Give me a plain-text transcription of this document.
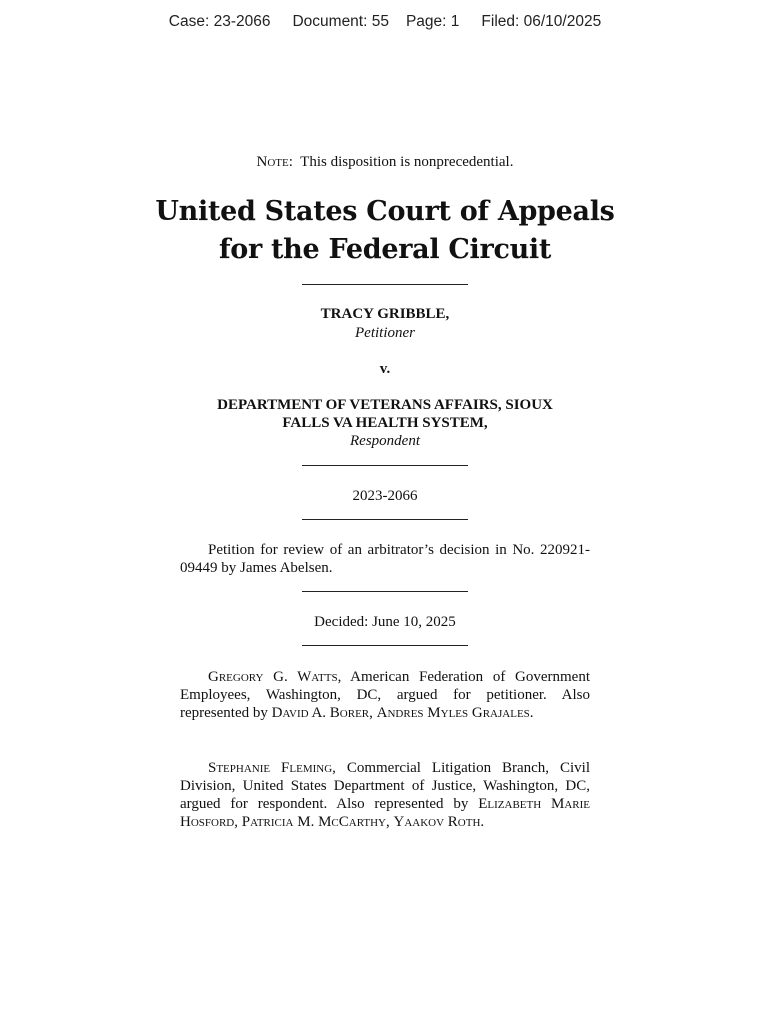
Case: 23-2066 Document: 55 Page: 1 Filed: 06/10/2025
Note:  This disposition is nonprecedential.
United States Court of Appeals
for the Federal Circuit
TRACY GRIBBLE,
Petitioner
v.
DEPARTMENT OF VETERANS AFFAIRS, SIOUX
FALLS VA HEALTH SYSTEM,
Respondent
2023-2066
Petition for review of an arbitrator’s decision in No. 220921-09449 by James Abelsen.
Decided: June 10, 2025
Gregory G. Watts, American Federation of Government Employees, Washington, DC, argued for petitioner. Also represented by David A. Borer, Andres Myles Grajales.
Stephanie Fleming, Commercial Litigation Branch, Civil Division, United States Department of Justice, Washington, DC, argued for respondent. Also represented by Elizabeth Marie Hosford, Patricia M. McCarthy, Yaakov Roth.
